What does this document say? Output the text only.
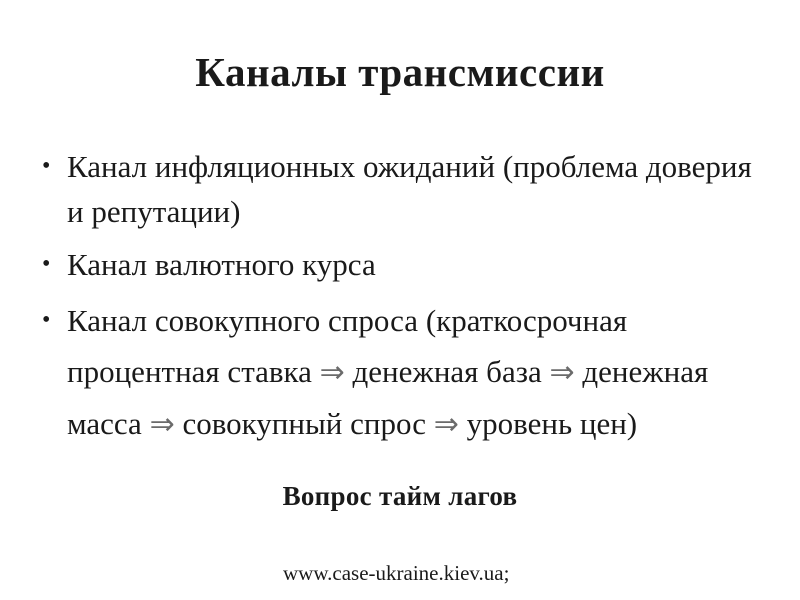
Каналы трансмиссии
• Канал инфляционных ожиданий (проблема доверия и репутации)
• Канал валютного курса
• Канал совокупного спроса (краткосрочная процентная ставка ⇒ денежная база ⇒ денежная масса ⇒ совокупный спрос ⇒ уровень цен)
Вопрос тайм лагов
www.case-ukraine.kiev.ua;
